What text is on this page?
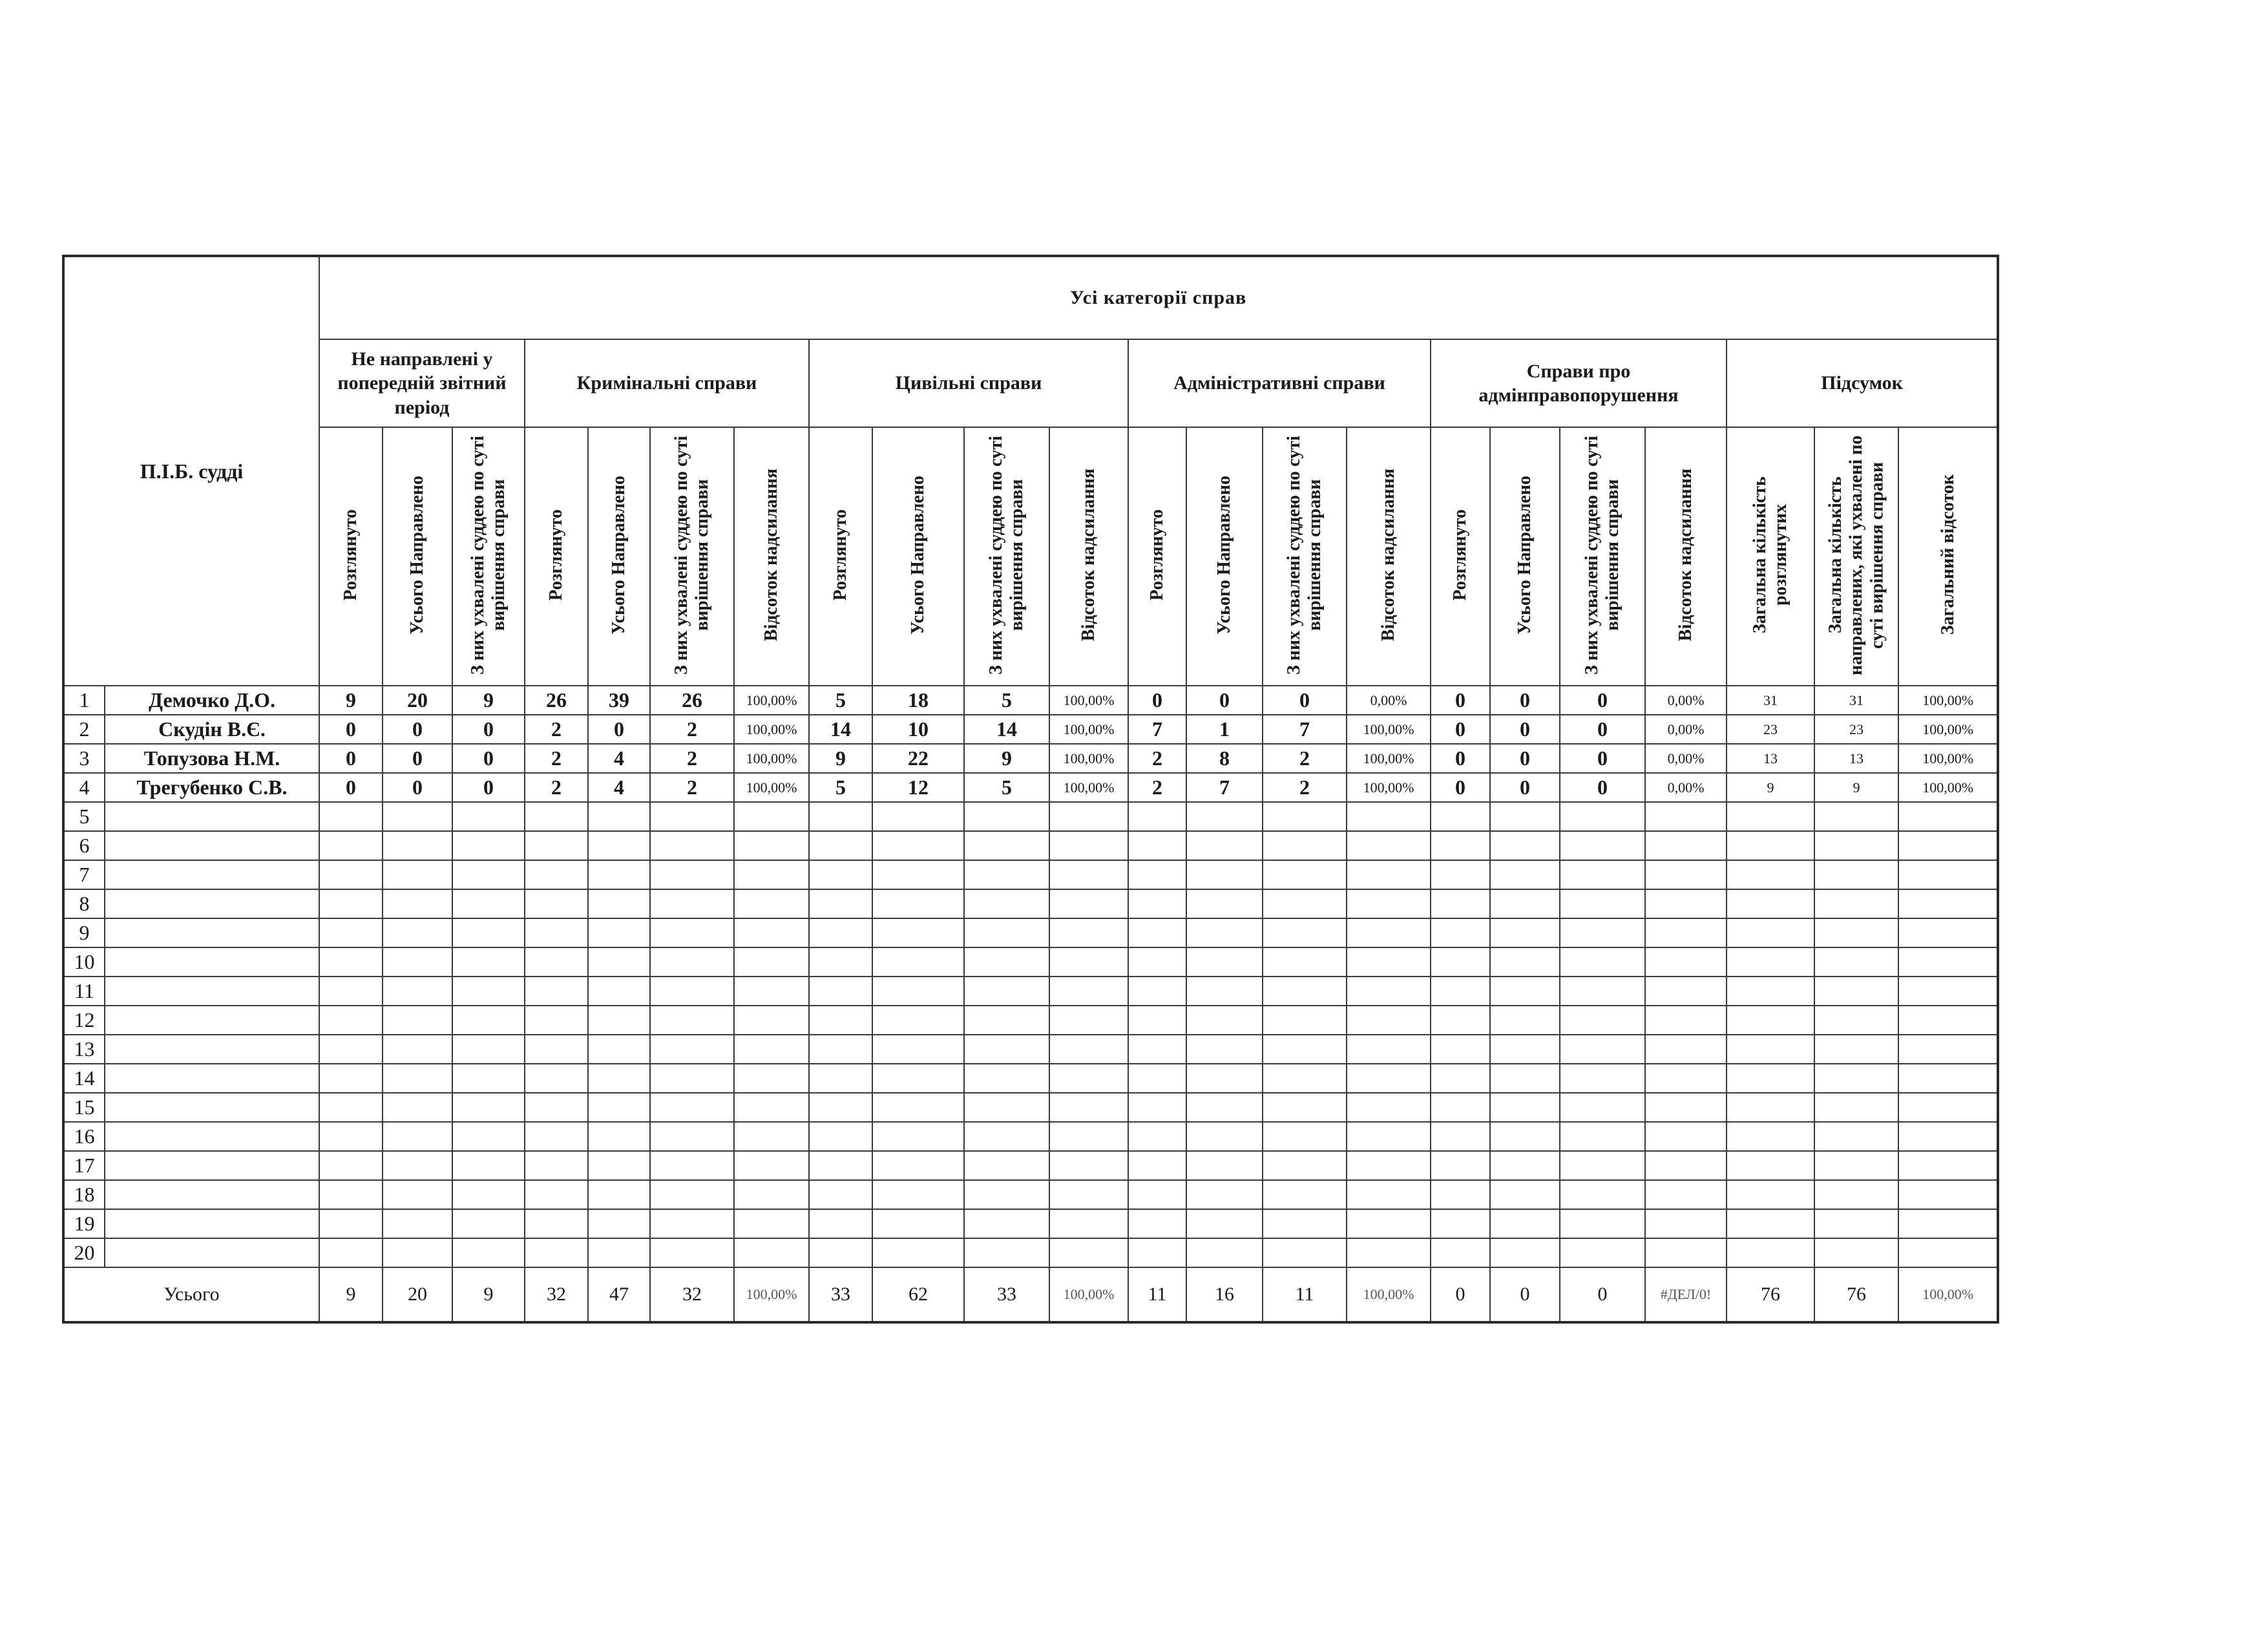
П.І.Б. судді		Усі категорії справ																					
		Не направлені у попередній звітний період			Кримінальні справи				Цивільні справи				Адміністративні справи				Справи про адмінправопорушення				Підсумок		
		Розглянуто	Усього Направлено	З них ухвалені суддею по суті вирішення справи	Розглянуто	Усього Направлено	З них ухвалені суддею по суті вирішення справи	Відсоток надсилання	Розглянуто	Усього Направлено	З них ухвалені суддею по суті вирішення справи	Відсоток надсилання	Розглянуто	Усього Направлено	З них ухвалені суддею по суті вирішення справи	Відсоток надсилання	Розглянуто	Усього Направлено	З них ухвалені суддею по суті вирішення справи	Відсоток надсилання	Загальна кількість розглянутих	Загальна кількість направлених, які ухвалені по суті вирішення справи	Загальний відсоток
1	Демочко Д.О.	9	20	9	26	39	26	100,00%	5	18	5	100,00%	0	0	0	0,00%	0	0	0	0,00%	31	31	100,00%
2	Скудін В.Є.	0	0	0	2	0	2	100,00%	14	10	14	100,00%	7	1	7	100,00%	0	0	0	0,00%	23	23	100,00%
3	Топузова Н.М.	0	0	0	2	4	2	100,00%	9	22	9	100,00%	2	8	2	100,00%	0	0	0	0,00%	13	13	100,00%
4	Трегубенко С.В.	0	0	0	2	4	2	100,00%	5	12	5	100,00%	2	7	2	100,00%	0	0	0	0,00%	9	9	100,00%
5																							
6																							
7																							
8																							
9																							
10																							
11																							
12																							
13																							
14																							
15																							
16																							
17																							
18																							
19																							
20																							
Усього		9	20	9	32	47	32	100,00%	33	62	33	100,00%	11	16	11	100,00%	0	0	0	#ДЕЛ/0!	76	76	100,00%
